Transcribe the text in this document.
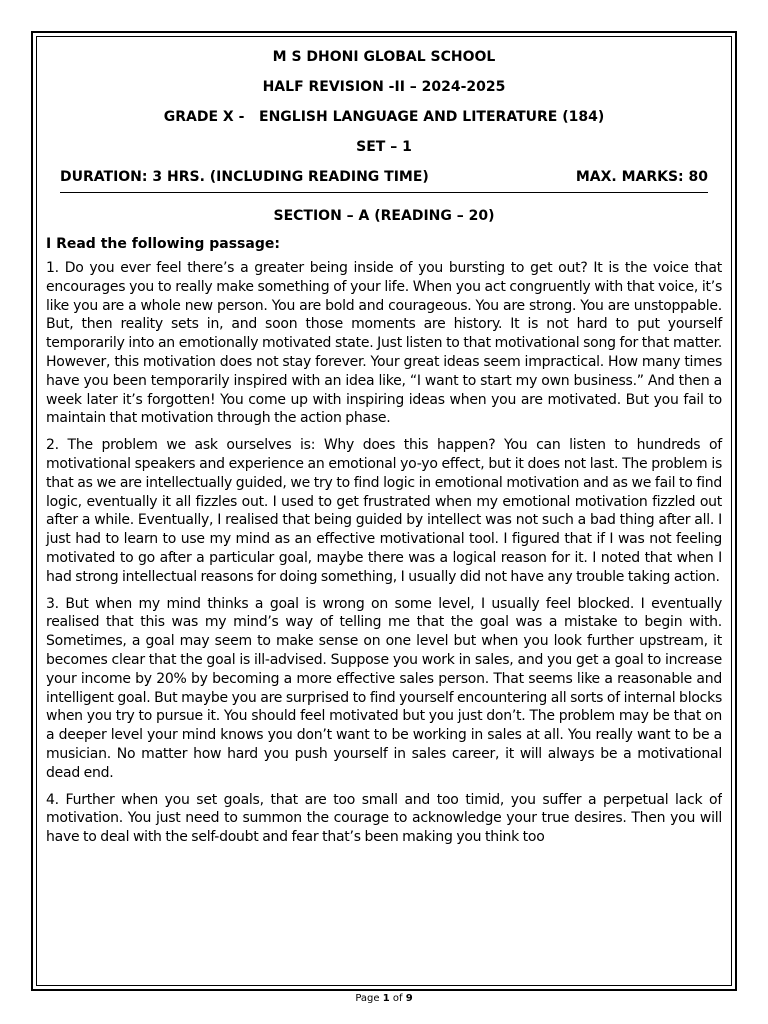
M S DHONI GLOBAL SCHOOL
HALF REVISION -II – 2024-2025
GRADE X -   ENGLISH LANGUAGE AND LITERATURE (184)
SET – 1
DURATION: 3 HRS. (INCLUDING READING TIME)	MAX. MARKS: 80
SECTION – A (READING – 20)
I Read the following passage:

1. Do you ever feel there’s a greater being inside of you bursting to get out? It is the voice that encourages you to really make something of your life. When you act congruently with that voice, it’s like you are a whole new person. You are bold and courageous. You are strong. You are unstoppable. But, then reality sets in, and soon those moments are history. It is not hard to put yourself temporarily into an emotionally motivated state. Just listen to that motivational song for that matter. However, this motivation does not stay forever. Your great ideas seem impractical. How many times have you been temporarily inspired with an idea like, “I want to start my own business.” And then a week later it’s forgotten! You come up with inspiring ideas when you are motivated. But you fail to maintain that motivation through the action phase.

2. The problem we ask ourselves is: Why does this happen? You can listen to hundreds of motivational speakers and experience an emotional yo-yo effect, but it does not last. The problem is that as we are intellectually guided, we try to find logic in emotional motivation and as we fail to find logic, eventually it all fizzles out. I used to get frustrated when my emotional motivation fizzled out after a while. Eventually, I realised that being guided by intellect was not such a bad thing after all. I just had to learn to use my mind as an effective motivational tool. I figured that if I was not feeling motivated to go after a particular goal, maybe there was a logical reason for it. I noted that when I had strong intellectual reasons for doing something, I usually did not have any trouble taking action.

3. But when my mind thinks a goal is wrong on some level, I usually feel blocked. I eventually realised that this was my mind’s way of telling me that the goal was a mistake to begin with. Sometimes, a goal may seem to make sense on one level but when you look further upstream, it becomes clear that the goal is ill-advised. Suppose you work in sales, and you get a goal to increase your income by 20% by becoming a more effective sales person. That seems like a reasonable and intelligent goal. But maybe you are surprised to find yourself encountering all sorts of internal blocks when you try to pursue it. You should feel motivated but you just don’t. The problem may be that on a deeper level your mind knows you don’t want to be working in sales at all. You really want to be a musician. No matter how hard you push yourself in sales career, it will always be a motivational dead end.

4. Further when you set goals, that are too small and too timid, you suffer a perpetual lack of motivation. You just need to summon the courage to acknowledge your true desires. Then you will have to deal with the self-doubt and fear that’s been making you think too

Page 1 of 9
